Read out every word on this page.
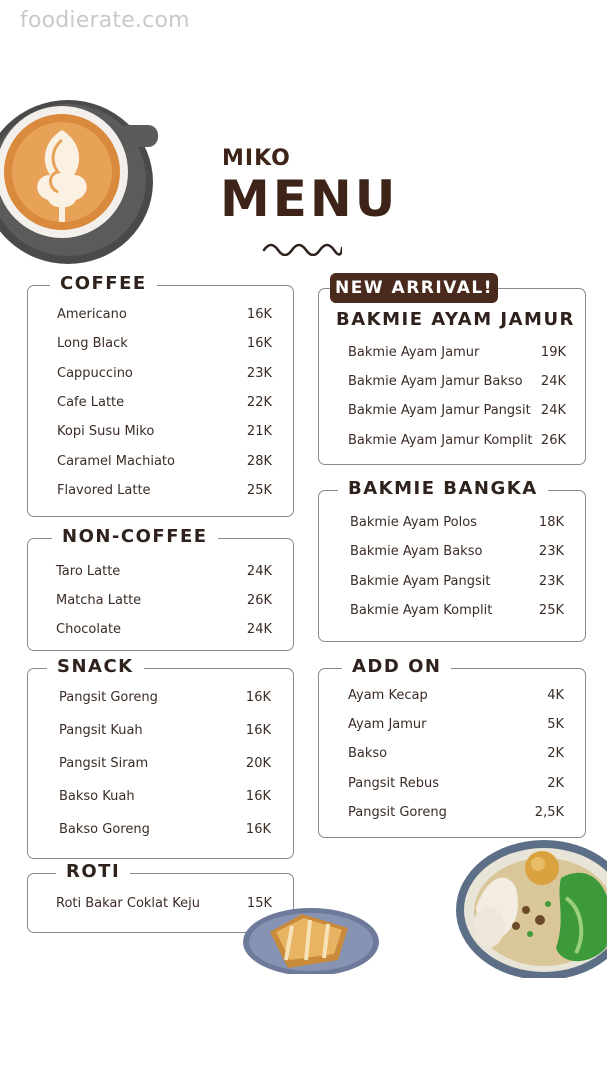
foodierate.com
MIKO
MENU
COFFEE
Americano	16K
Long Black	16K
Cappuccino	23K
Cafe Latte	22K
Kopi Susu Miko	21K
Caramel Machiato	28K
Flavored Latte	25K
NON-COFFEE
Taro Latte	24K
Matcha Latte	26K
Chocolate	24K
SNACK
Pangsit Goreng	16K
Pangsit Kuah	16K
Pangsit Siram	20K
Bakso Kuah	16K
Bakso Goreng	16K
ROTI
Roti Bakar Coklat Keju	15K
Bakmie Ayam Jamur	19K
Bakmie Ayam Jamur Bakso 24K
Bakmie Ayam Jamur Pangsit 24K
Bakmie Ayam Jamur Komplit 26K
NEW ARRIVAL!
BAKMIE AYAM JAMUR
BAKMIE BANGKA
Bakmie Ayam Polos	18K
Bakmie Ayam Bakso	23K
Bakmie Ayam Pangsit	23K
Bakmie Ayam Komplit	25K
ADD ON
Ayam Kecap	4K
Ayam Jamur	5K
Bakso	2K
Pangsit Rebus	2K
Pangsit Goreng	2,5K
